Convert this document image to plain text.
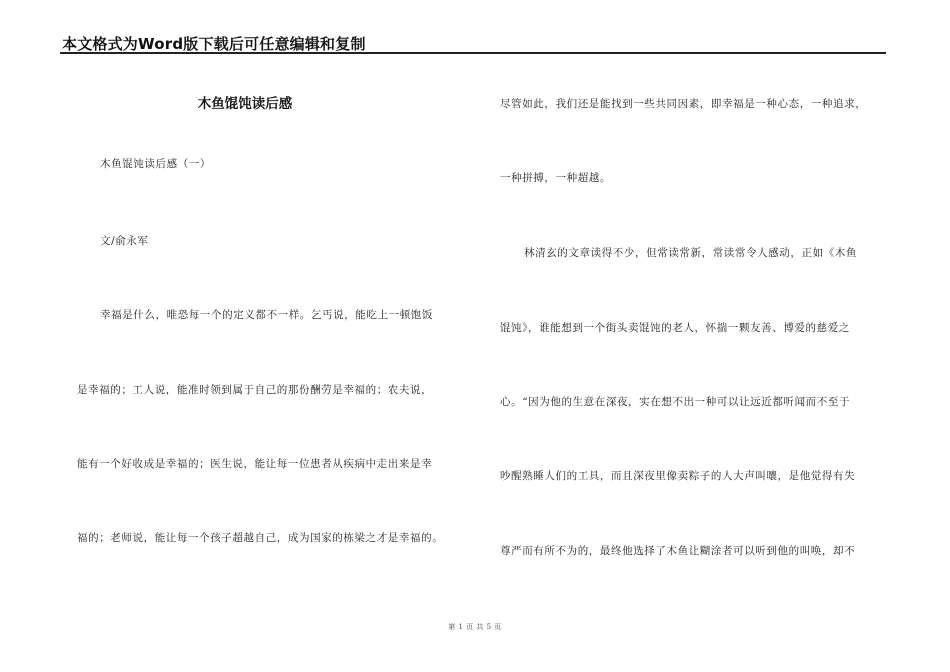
本文格式为Word版下载后可任意编辑和复制
木鱼馄饨读后感
木鱼馄饨读后感（一）
文/俞永军
幸福是什么，唯恐每一个的定义都不一样。乞丐说，能吃上一顿饱饭
是幸福的；工人说，能准时领到属于自己的那份酬劳是幸福的；农夫说，
能有一个好收成是幸福的；医生说，能让每一位患者从疾病中走出来是幸
福的；老师说，能让每一个孩子超越自己，成为国家的栋梁之才是幸福的。
尽管如此，我们还是能找到一些共同因素，即幸福是一种心态，一种追求，
一种拼搏，一种超越。
林清玄的文章读得不少，但常读常新，常读常令人感动，正如《木鱼
馄饨》，谁能想到一个街头卖馄饨的老人，怀揣一颗友善、博爱的慈爱之
心。“因为他的生意在深夜，实在想不出一种可以让远近都听闻而不至于
吵醒熟睡人们的工具，而且深夜里像卖粽子的人大声叫嚷，是他觉得有失
尊严而有所不为的，最终他选择了木鱼让糊涂者可以听到他的叫唤，却不
第 1 页 共 5 页
